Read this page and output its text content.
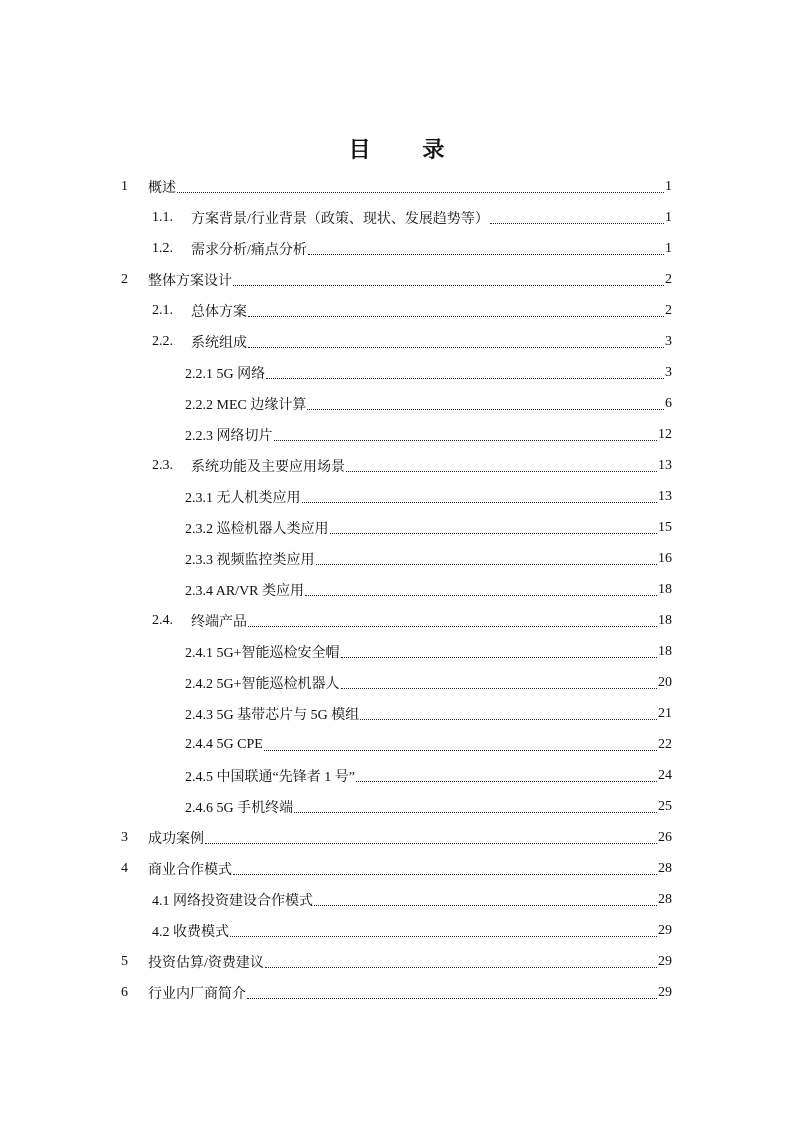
目 录
1	概述	1
1.1.	方案背景/行业背景（政策、现状、发展趋势等）	1
1.2.	需求分析/痛点分析	1
2	整体方案设计	2
2.1.	总体方案	2
2.2.	系统组成	3
2.2.1 5G 网络	3
2.2.2 MEC 边缘计算	6
2.2.3 网络切片	12
2.3.	系统功能及主要应用场景	13
2.3.1 无人机类应用	13
2.3.2 巡检机器人类应用	15
2.3.3 视频监控类应用	16
2.3.4 AR/VR 类应用	18
2.4.	终端产品	18
2.4.1 5G+智能巡检安全帽	18
2.4.2 5G+智能巡检机器人	20
2.4.3 5G 基带芯片与 5G 模组	21
2.4.4 5G CPE	22
2.4.5 中国联通“先锋者 1 号”	24
2.4.6 5G 手机终端	25
3	成功案例	26
4	商业合作模式	28
4.1 网络投资建设合作模式	28
4.2 收费模式	29
5	投资估算/资费建议	29
6	行业内厂商简介	29
